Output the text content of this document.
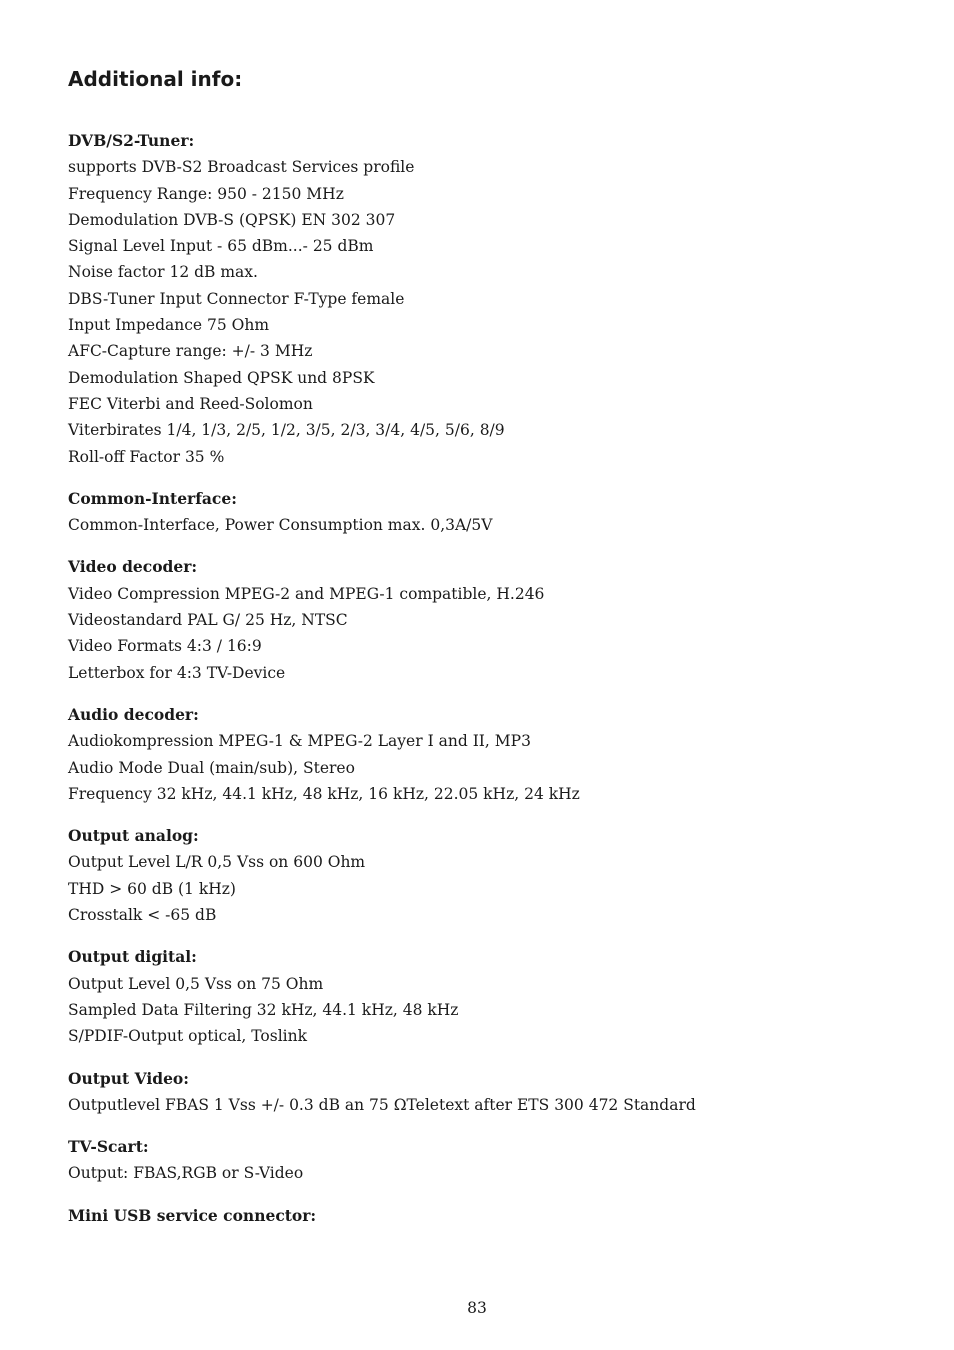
Additional info:
DVB/S2-Tuner:
supports DVB-S2 Broadcast Services profile
Frequency Range: 950 - 2150 MHz
Demodulation DVB-S (QPSK) EN 302 307
Signal Level Input - 65 dBm...- 25 dBm
Noise factor 12 dB max.
DBS-Tuner Input Connector F-Type female
Input Impedance 75 Ohm
AFC-Capture range: +/- 3 MHz
Demodulation Shaped QPSK und 8PSK
FEC Viterbi and Reed-Solomon
Viterbirates 1/4, 1/3, 2/5, 1/2, 3/5, 2/3, 3/4, 4/5, 5/6, 8/9
Roll-off Factor 35 %
Common-Interface:
Common-Interface, Power Consumption max. 0,3A/5V
Video decoder:
Video Compression MPEG-2 and MPEG-1 compatible, H.246
Videostandard PAL G/ 25 Hz, NTSC
Video Formats 4:3 / 16:9
Letterbox for 4:3 TV-Device
Audio decoder:
Audiokompression MPEG-1 & MPEG-2 Layer I and II, MP3
Audio Mode Dual (main/sub), Stereo
Frequency 32 kHz, 44.1 kHz, 48 kHz, 16 kHz, 22.05 kHz, 24 kHz
Output analog:
Output Level L/R 0,5 Vss on 600 Ohm
THD > 60 dB (1 kHz)
Crosstalk < -65 dB
Output digital:
Output Level 0,5 Vss on 75 Ohm
Sampled Data Filtering 32 kHz, 44.1 kHz, 48 kHz
S/PDIF-Output optical, Toslink
Output Video:
Outputlevel FBAS 1 Vss +/- 0.3 dB an 75 ΩTeletext after ETS 300 472 Standard
TV-Scart:
Output: FBAS,RGB or S-Video
Mini USB service connector:
83
